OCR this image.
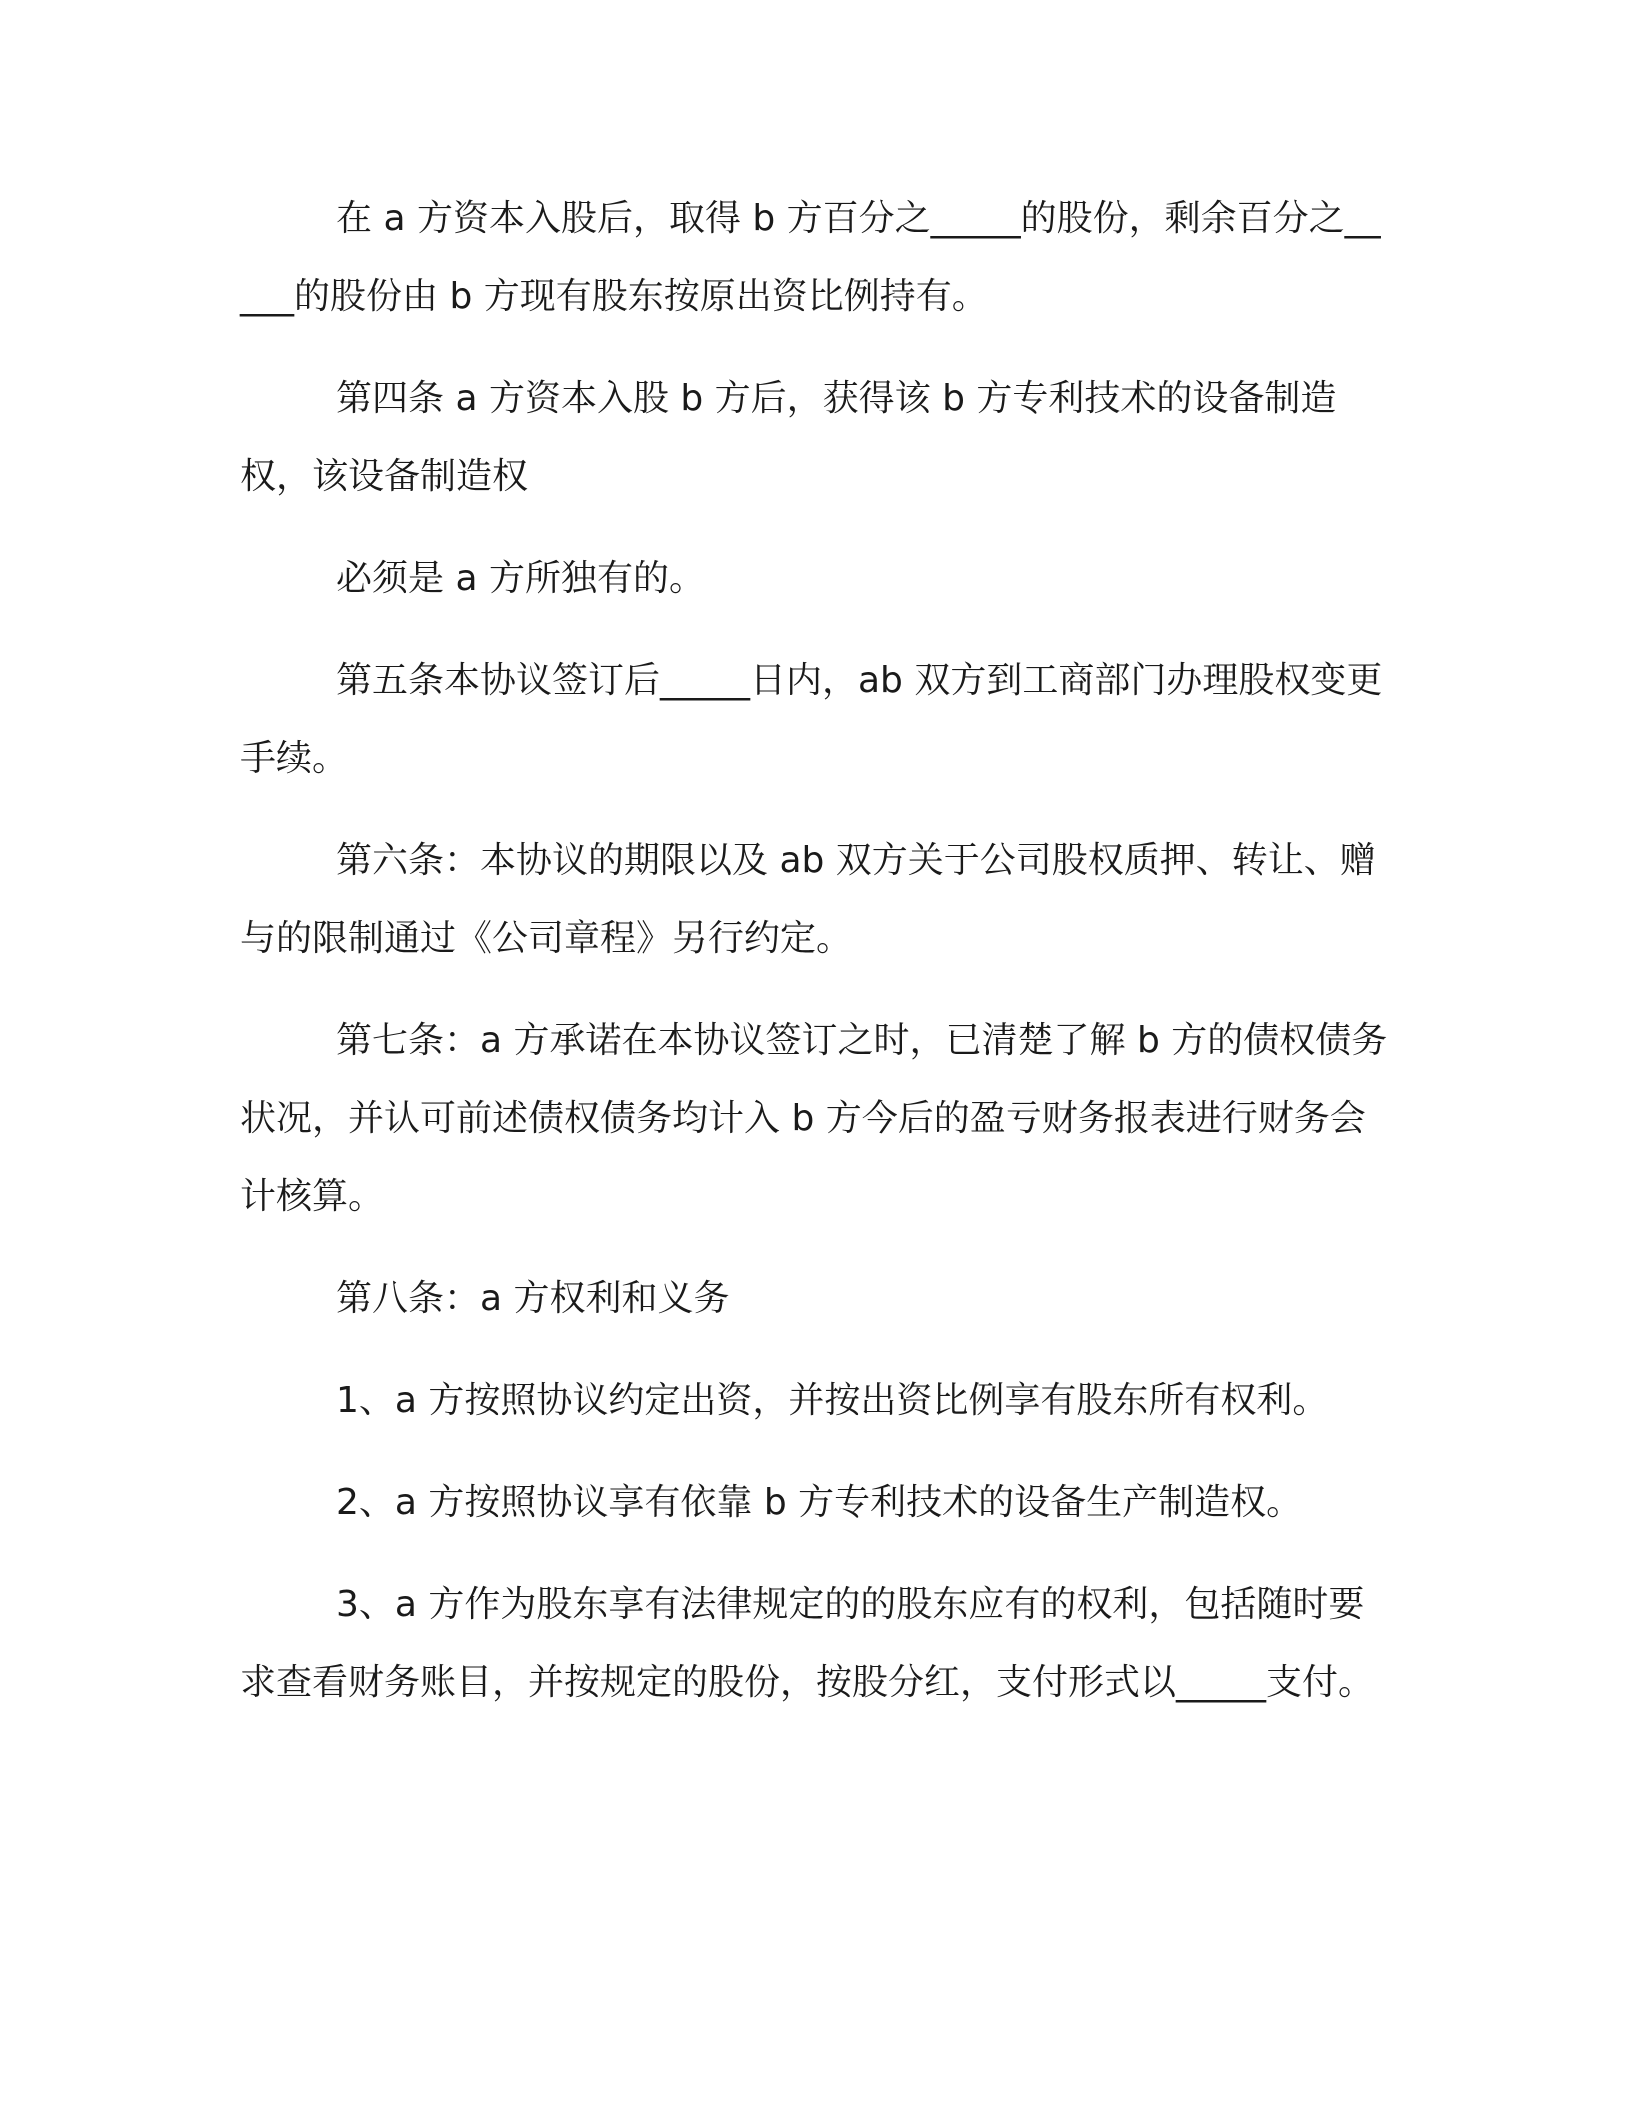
在 a 方资本入股后，取得 b 方百分之_____的股份，剩余百分之_____的股份由 b 方现有股东按原出资比例持有。

第四条 a 方资本入股 b 方后，获得该 b 方专利技术的设备制造权，该设备制造权

必须是 a 方所独有的。

第五条本协议签订后_____日内，ab 双方到工商部门办理股权变更手续。

第六条：本协议的期限以及 ab 双方关于公司股权质押、转让、赠与的限制通过《公司章程》另行约定。

第七条：a 方承诺在本协议签订之时，已清楚了解 b 方的债权债务状况，并认可前述债权债务均计入 b 方今后的盈亏财务报表进行财务会计核算。

第八条：a 方权利和义务

1、a 方按照协议约定出资，并按出资比例享有股东所有权利。

2、a 方按照协议享有依靠 b 方专利技术的设备生产制造权。

3、a 方作为股东享有法律规定的的股东应有的权利，包括随时要求查看财务账目，并按规定的股份，按股分红，支付形式以_____支付。
